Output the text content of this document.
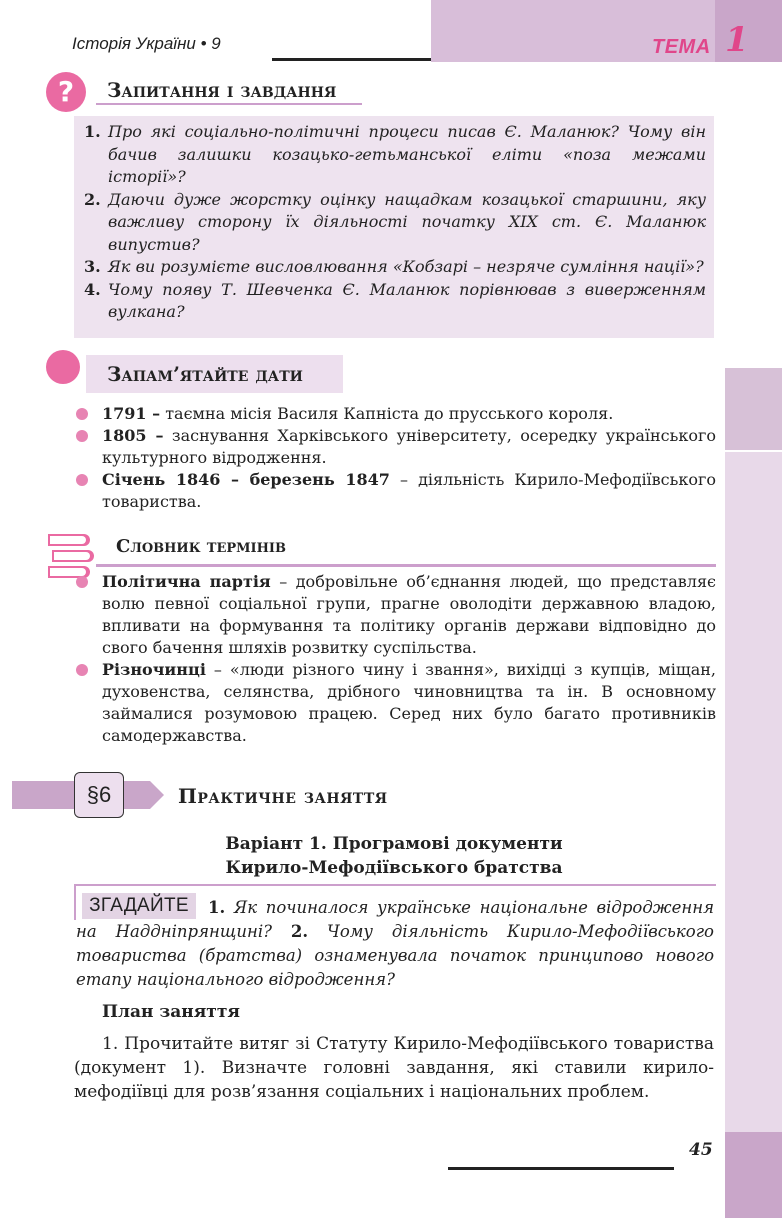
Історія України • 9	ТЕМА 1
?	Запитання і завдання
1. Про які соціально-політичні процеси писав Є. Маланюк? Чому він бачив залишки козацько-гетьманської еліти «поза межами історії»?
2. Даючи дуже жорстку оцінку нащадкам козацької старшини, яку важливу сторону їх діяльності початку XIX ст. Є. Маланюк випустив?
3. Як ви розумієте висловлювання «Кобзарі – незряче сумління нації»?
4. Чому появу Т. Шевченка Є. Маланюк порівнював з виверженням вулкана?
Запам’ятайте дати
1791 – таємна місія Василя Капніста до прусського короля.
1805 – заснування Харківського університету, осередку українського культурного відродження.
Січень 1846 – березень 1847 – діяльність Кирило-Мефодіївського товариства.
Словник термінів
Політична партія – добровільне об’єднання людей, що представляє волю певної соціальної групи, прагне оволодіти державною владою, впливати на формування та політику органів держави відповідно до свого бачення шляхів розвитку суспільства.
Різночинці – «люди різного чину і звання», вихідці з купців, міщан, духовенства, селянства, дрібного чиновництва та ін. В основному займалися розумовою працею. Серед них було багато противників самодержавства.
§6	Практичне заняття
Варіант 1. Програмові документи
Кирило-Мефодіївського братства
1. Як починалося українське національне відродження на Наддніпрянщині? 2. Чому діяльність Кирило-Мефодіївського товариства (братства) ознаменувала початок принципово нового етапу національного відродження?
ЗГАДАЙТЕ
План заняття
1. Прочитайте витяг зі Статуту Кирило-Мефодіївського товариства (документ 1). Визначте головні завдання, які ставили кирило-мефодіївці для розв’язання соціальних і національних проблем.
45
